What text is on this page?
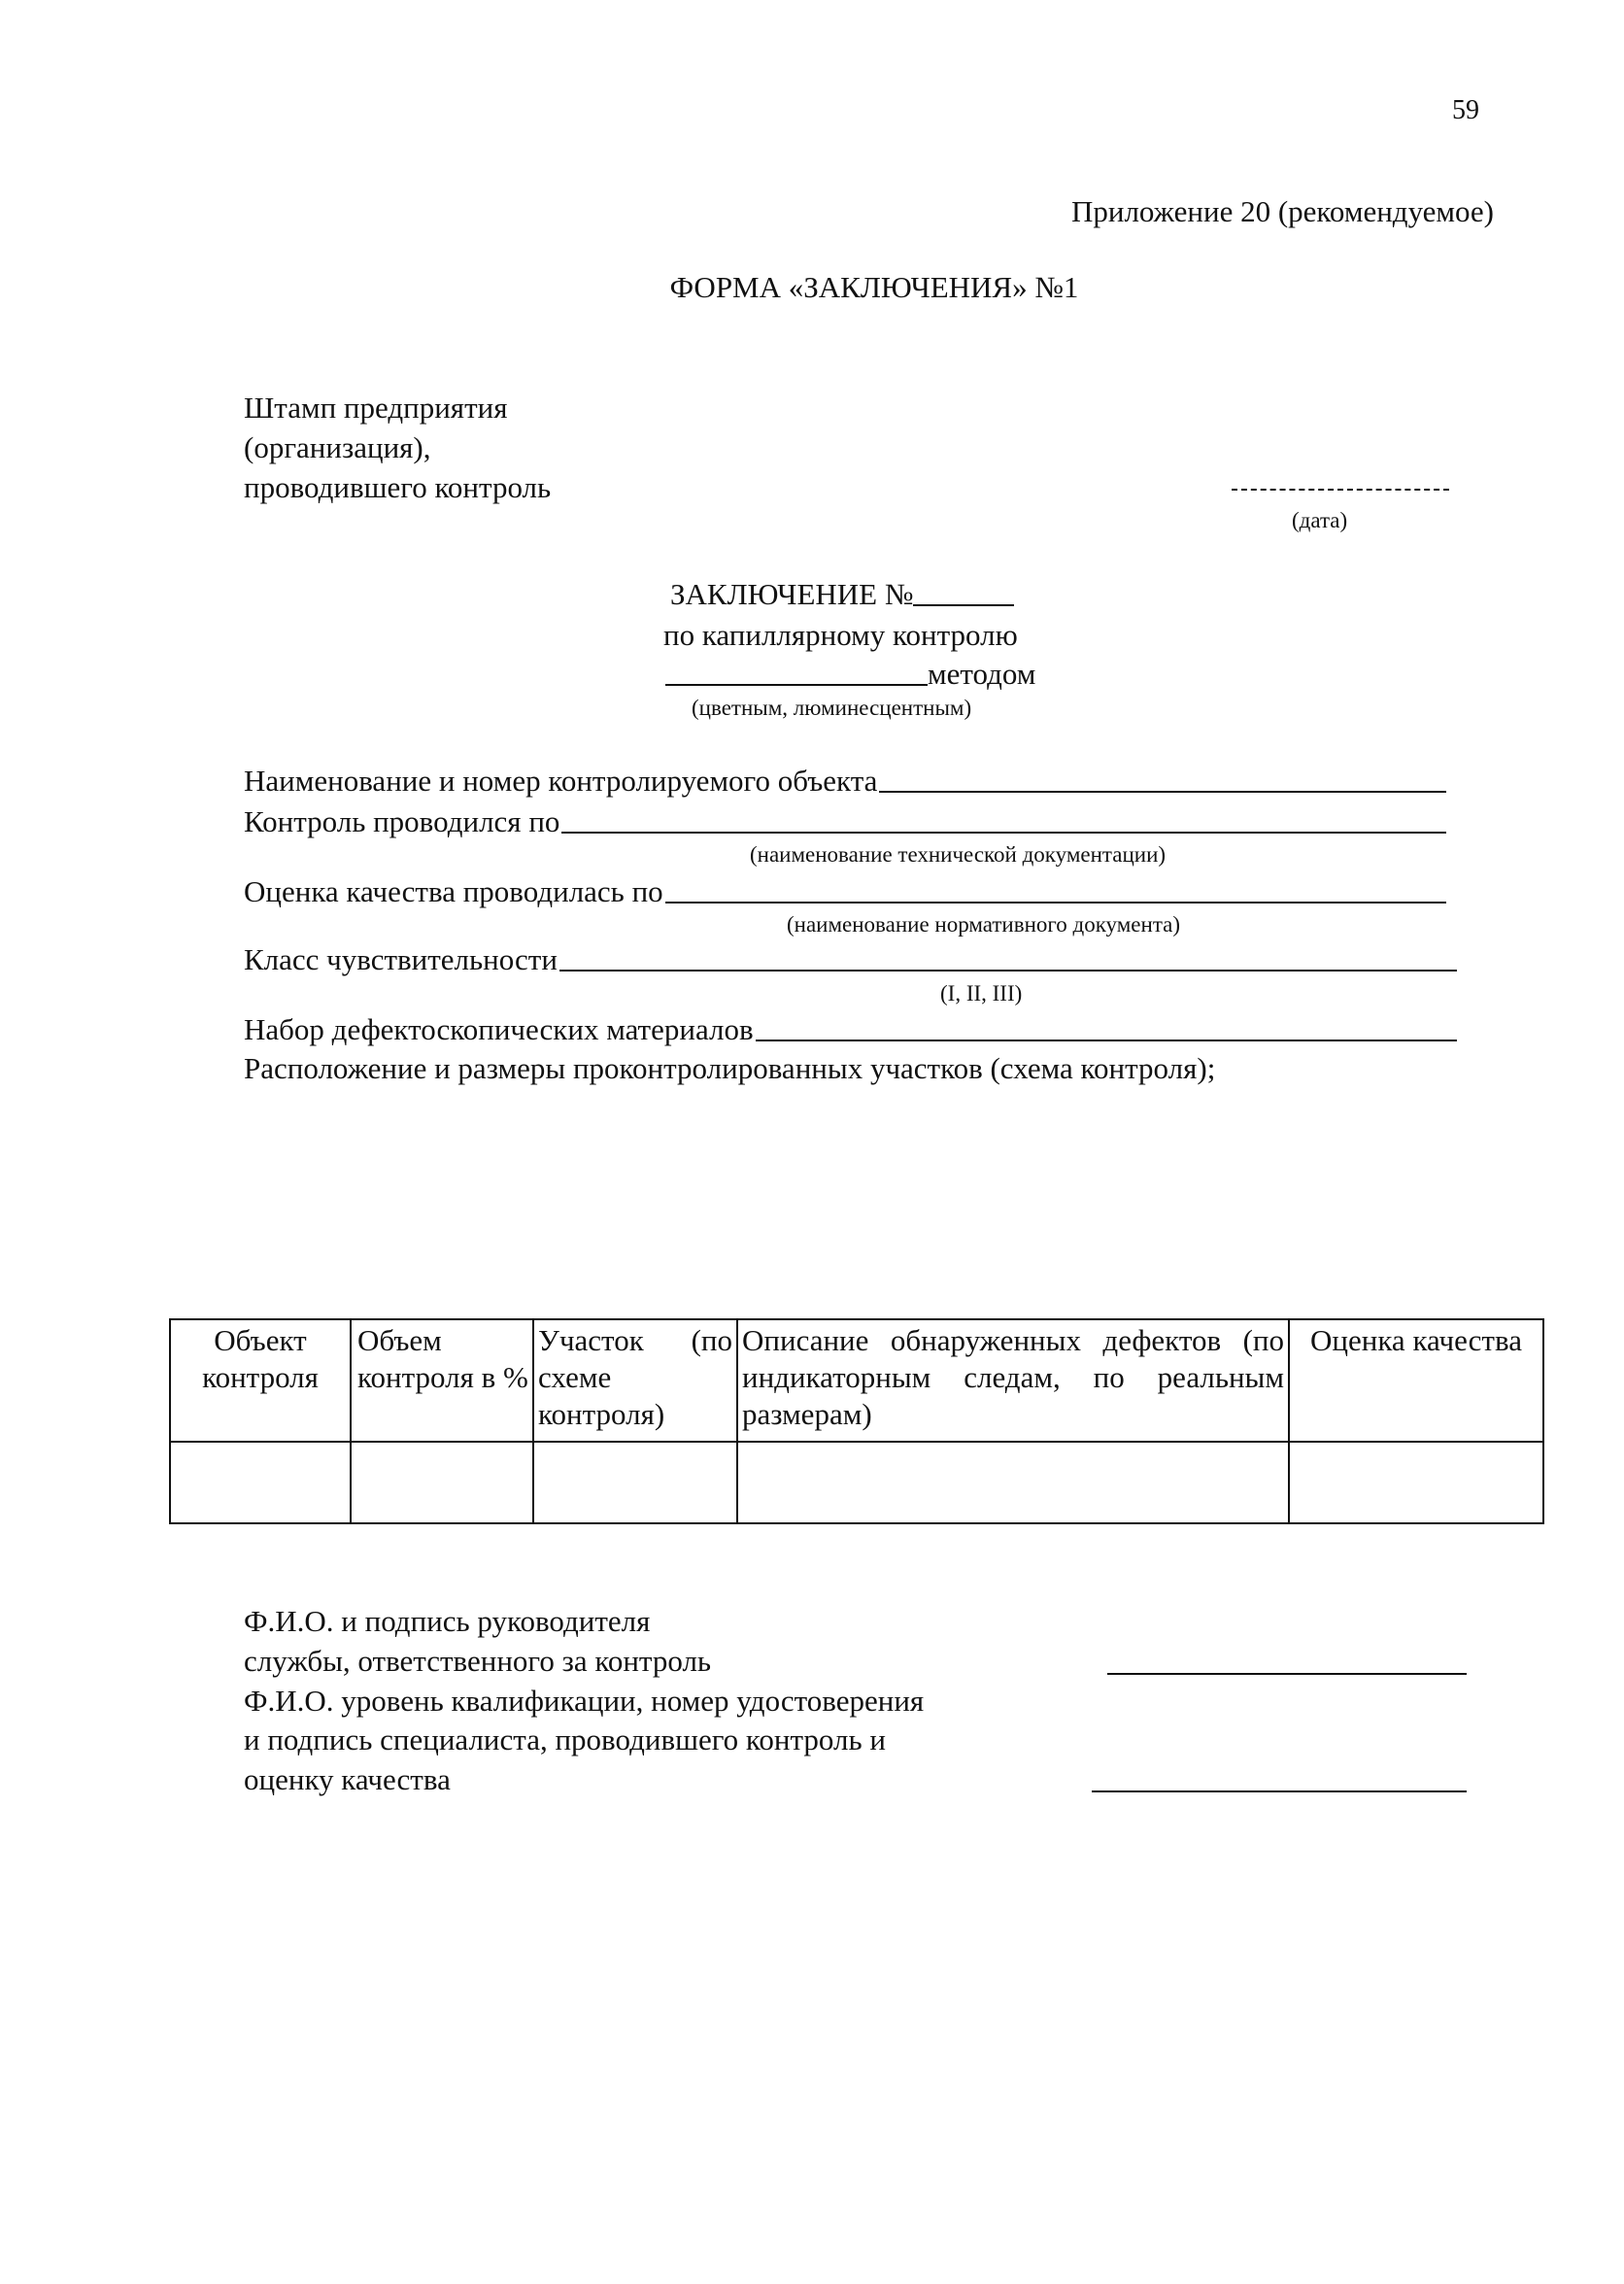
59
Приложение 20 (рекомендуемое)
ФОРМА «ЗАКЛЮЧЕНИЯ» №1
Штамп предприятия
(организация),
проводившего контроль
(дата)
ЗАКЛЮЧЕНИЕ №
по капиллярному контролю
методом
(цветным, люминесцентным)
Наименование и номер контролируемого объекта
Контроль проводился по
(наименование технической документации)
Оценка качества проводилась по
(наименование нормативного документа)
Класс чувствительности
(I, II, III)
Набор дефектоскопических материалов
Расположение и размеры проконтролированных участков (схема контроля);
Объект контроля	Объем контроля в %	Участок (по схеме контроля)	Описание обнаруженных дефектов (по индикаторным следам, по реальным размерам)	Оценка качества

Ф.И.О. и подпись руководителя
службы, ответственного за контроль
Ф.И.О. уровень квалификации, номер удостоверения
и подпись специалиста, проводившего контроль и
оценку качества
